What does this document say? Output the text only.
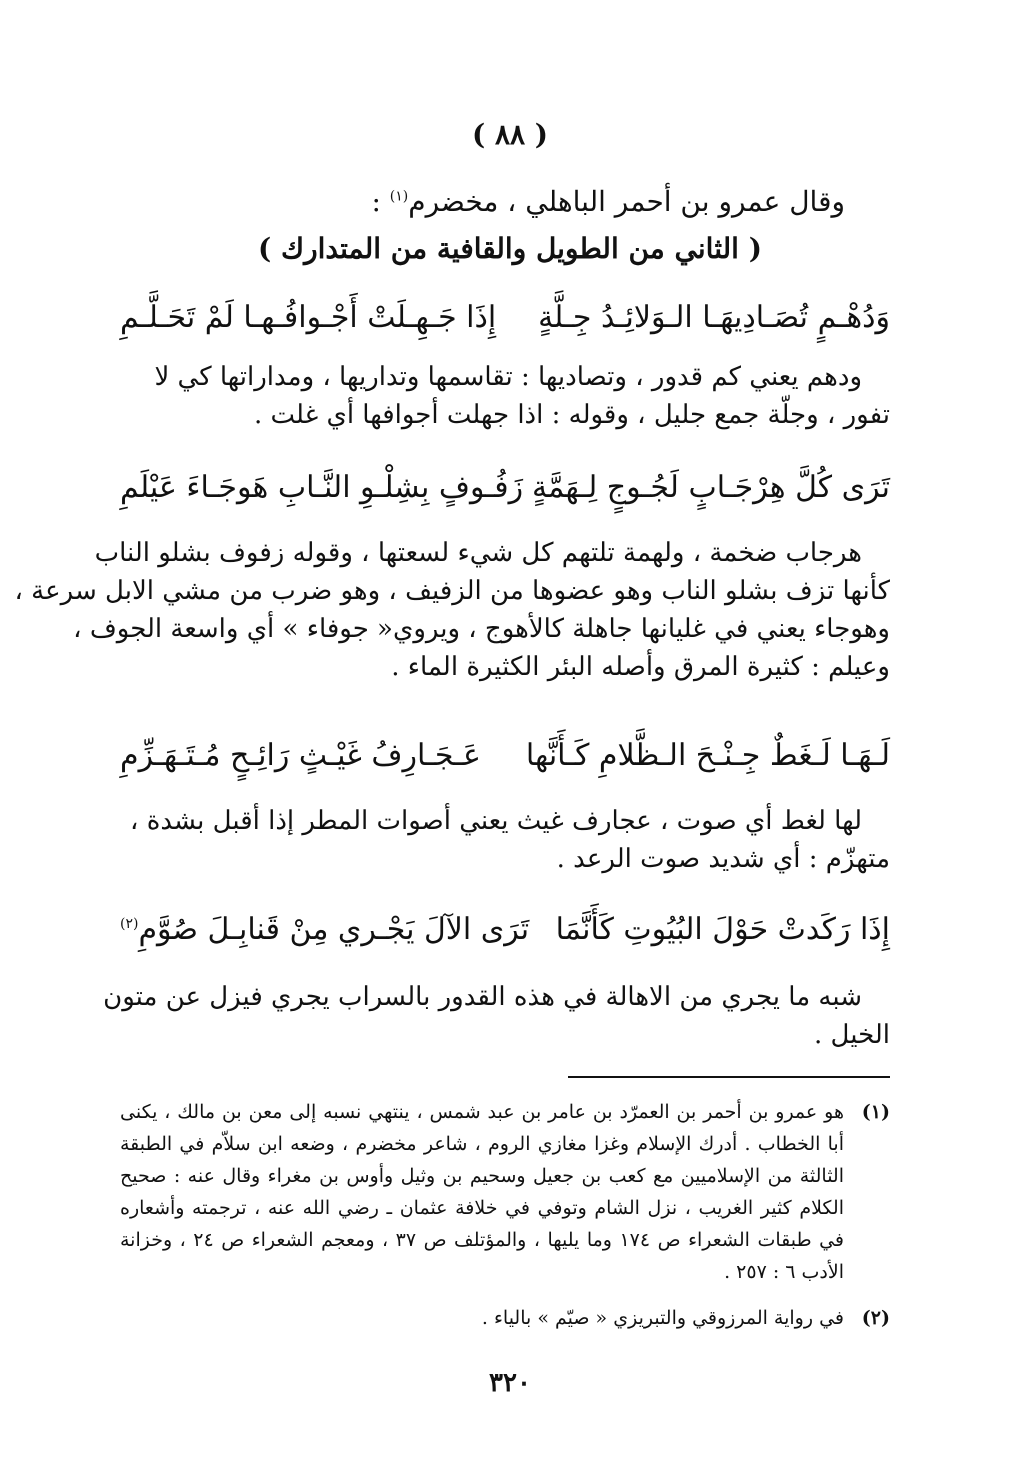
( ٨٨ )
وقال عمرو بن أحمر الباهلي ، مخضرم$^{(١)}$ :
( الثاني من الطويل والقافية من المتدارك )
وَدُهْـمٍ تُصَـادِيهَـا الـوَلائِـدُ جِـلَّةٍ
إِذَا جَـهِـلَتْ أَجْـوافُـهـا لَمْ تَحَـلَّـمِ

ودهم يعني كم قدور ، وتصاديها : تقاسمها وتداريها ، ومداراتها كي لا

تفور ، وجلّة جمع جليل ، وقوله : اذا جهلت أجوافها أي غلت .

تَرَى كُلَّ هِرْجَـابٍ لَجُـوجٍ لِـهَمَّةٍ
زَفُـوفٍ بِشِلْـوِ النَّـابِ هَوجَـاءَ عَيْلَمِ

هرجاب ضخمة ، ولهمة تلتهم كل شيء لسعتها ، وقوله زفوف بشلو الناب

كأنها تزف بشلو الناب وهو عضوها من الزفيف ، وهو ضرب من مشي الابل سرعة ،

وهوجاء يعني في غليانها جاهلة كالأهوج ، ويروي« جوفاء » أي واسعة الجوف ،

وعيلم : كثيرة المرق وأصله البئر الكثيرة الماء .

لَـهَـا لَـغَطٌ جِـنْـحَ الـظَّلامِ كَـأَنَّها
عَـجَـارِفُ غَيْـثٍ رَائِـحٍ مُـتَـهَـزِّمِ

لها لغط أي صوت ، عجارف غيث يعني أصوات المطر إذا أقبل بشدة ،

متهزّم : أي شديد صوت الرعد .

إِذَا رَكَدتْ حَوْلَ البُيُوتِ كَأَنَّمَا
تَرَى الآلَ يَجْـري مِنْ قَنابِـلَ صُوَّمِ$^{(٢)}$

شبه ما يجري من الاهالة في هذه القدور بالسراب يجري فيزل عن متون

الخيل .

(١)
هو عمرو بن أحمر بن العمرّد بن عامر بن عبد شمس ، ينتهي نسبه إلى معن بن مالك ، يكنى أبا الخطاب . أدرك الإسلام وغزا مغازي الروم ، شاعر مخضرم ، وضعه ابن سلاّم في الطبقة الثالثة من الإسلاميين مع كعب بن جعيل وسحيم بن وثيل وأوس بن مغراء وقال عنه : صحيح الكلام كثير الغريب ، نزل الشام وتوفي في خلافة عثمان ـ رضي الله عنه ، ترجمته وأشعاره في طبقات الشعراء ص ١٧٤ وما يليها ، والمؤتلف ص ٣٧ ، ومعجم الشعراء ص ٢٤ ، وخزانة الأدب ٦ : ٢٥٧ .
(٢)
في رواية المرزوقي والتبريزي « صيّم » بالياء .
٣٢٠
